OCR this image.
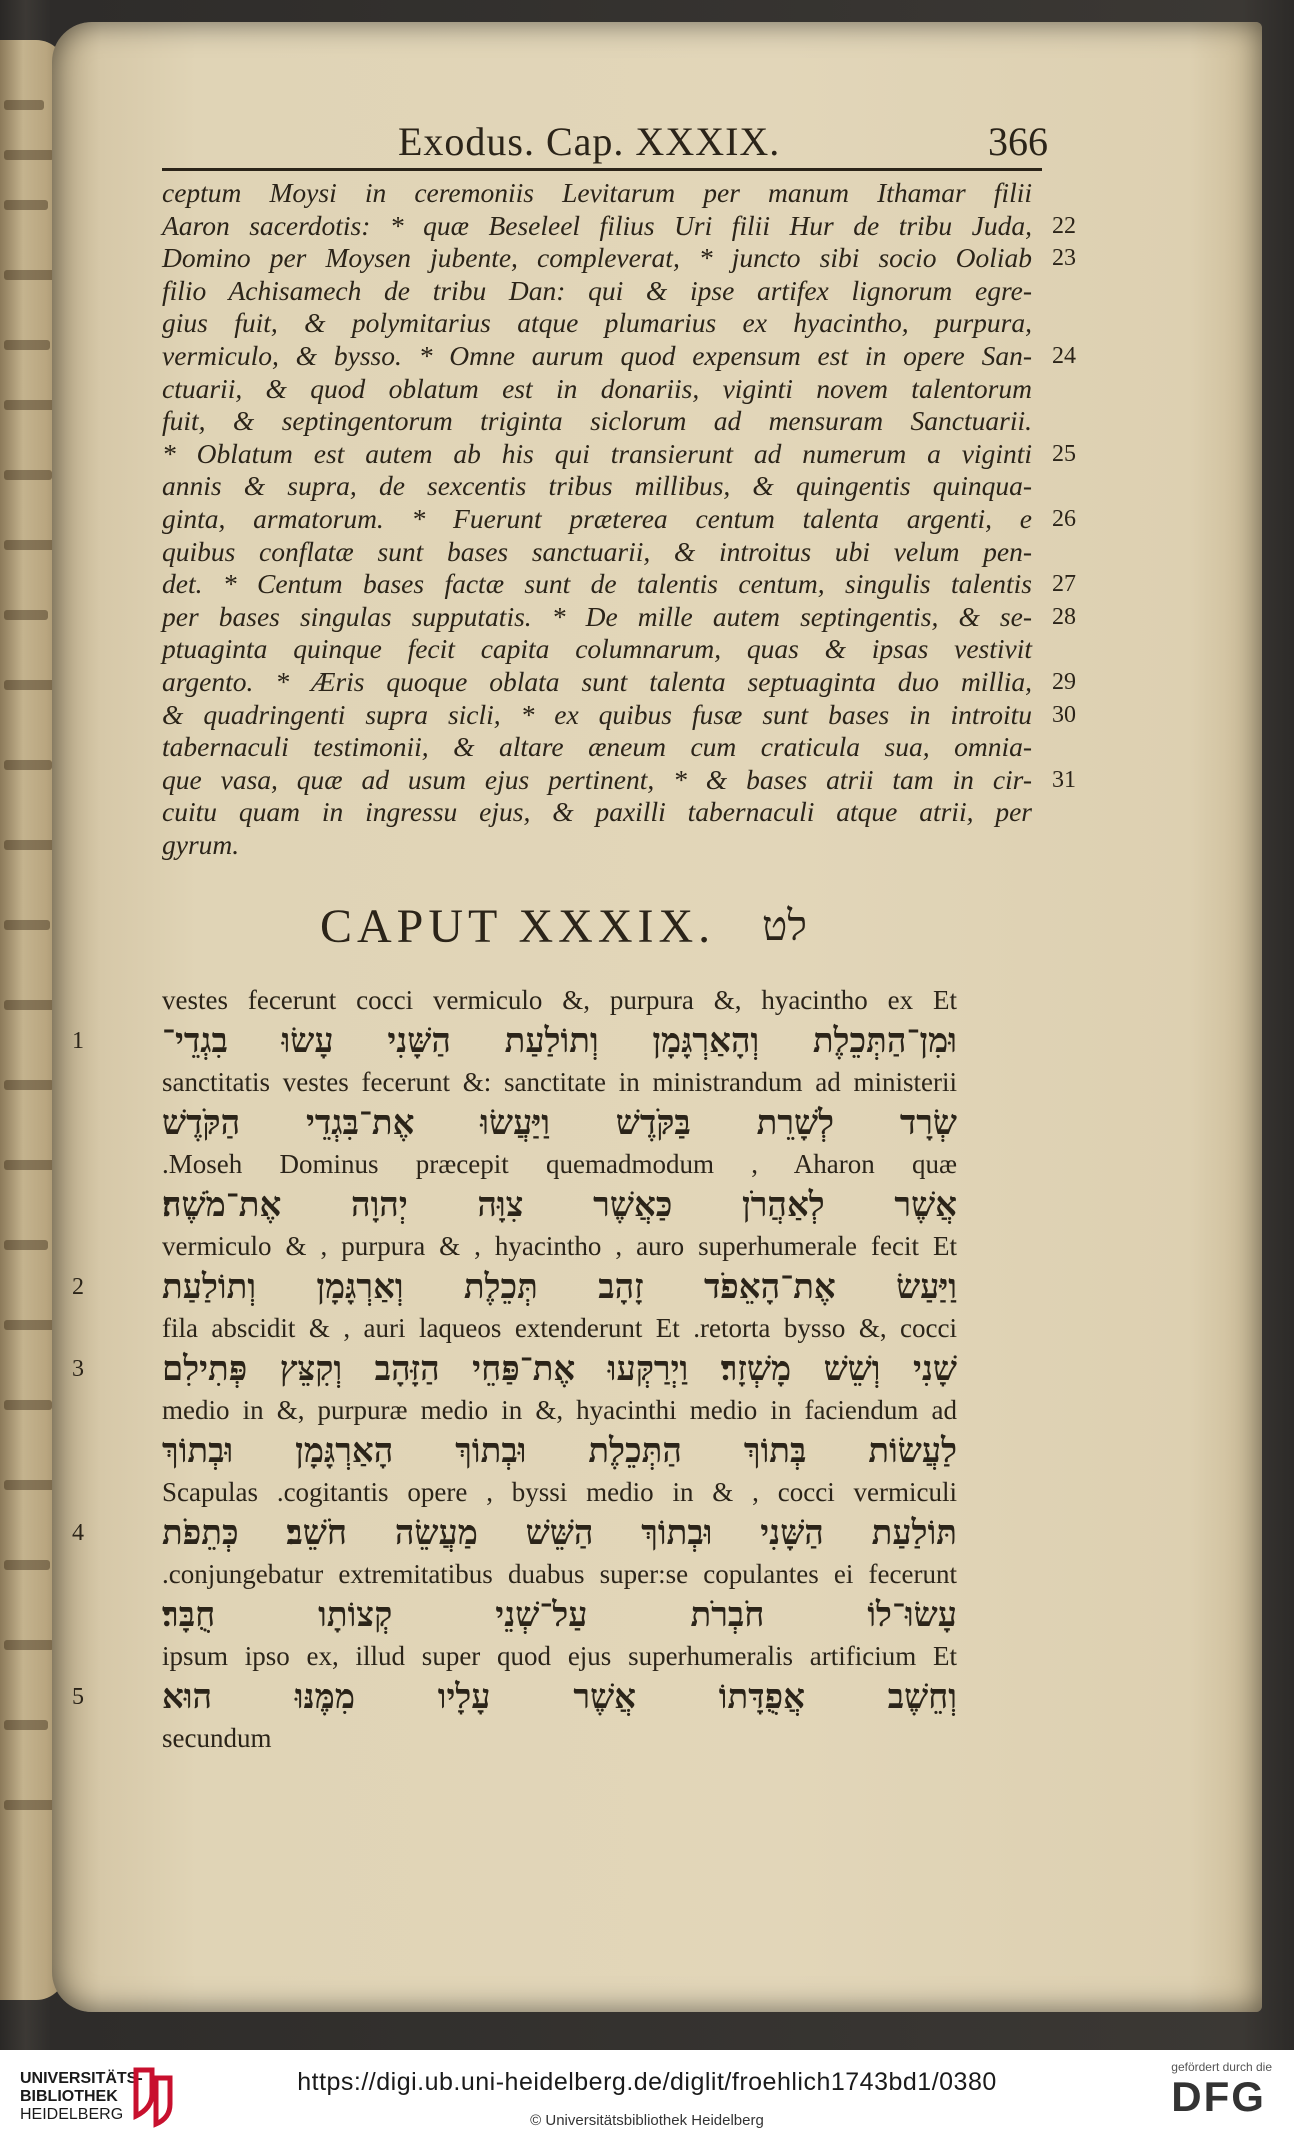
Exodus. Cap. XXXIX.	366
ceptum Moysi in ceremoniis Levitarum per manum Ithamar filii
Aaron sacerdotis: * quæ Beseleel filius Uri filii Hur de tribu Juda, 22
Domino per Moysen jubente, compleverat, * juncto sibi socio Ooliab 23
filio Achisamech de tribu Dan: qui & ipse artifex lignorum egre-
gius fuit, & polymitarius atque plumarius ex hyacintho, purpura,
vermiculo, & bysso. * Omne aurum quod expensum est in opere San- 24
ctuarii, & quod oblatum est in donariis, viginti novem talentorum
fuit, & septingentorum triginta siclorum ad mensuram Sanctuarii.
* Oblatum est autem ab his qui transierunt ad numerum a viginti 25
annis & supra, de sexcentis tribus millibus, & quingentis quinqua-
ginta, armatorum. * Fuerunt præterea centum talenta argenti, e 26
quibus conflatæ sunt bases sanctuarii, & introitus ubi velum pen-
det. * Centum bases factæ sunt de talentis centum, singulis talentis 27
per bases singulas supputatis. * De mille autem septingentis, & se- 28
ptuaginta quinque fecit capita columnarum, quas & ipsas vestivit
argento. * Æris quoque oblata sunt talenta septuaginta duo millia, 29
& quadringenti supra sicli, * ex quibus fusæ sunt bases in introitu 30
tabernaculi testimonii, & altare æneum cum craticula sua, omnia-
que vasa, quæ ad usum ejus pertinent, * & bases atrii tam in cir- 31
cuitu quam in ingressu ejus, & paxilli tabernaculi atque atrii, per
gyrum.
CAPUT XXXIX. לט
vestes fecerunt cocci vermiculo &, purpura &, hyacintho ex Et
וּמִן־הַתְּכֵלֶת וְהָאַרְגָּמָן וְתוֹלַעַת הַשָּׁנִי עָשׂוּ בִגְדֵי־
1
sanctitatis vestes fecerunt &: sanctitate in ministrandum ad ministerii
שְׂרָד לְשָׁרֵת בַּקֹּדֶשׁ וַיַּעֲשׂוּ אֶת־בִּגְדֵי הַקֹּדֶשׁ
.Moseh Dominus præcepit quemadmodum , Aharon quæ
אֲשֶׁר לְאַהֲרֹן כַּאֲשֶׁר צִוָּה יְהוָה אֶת־מֹשֶׁה׃
vermiculo & , purpura & , hyacintho , auro superhumerale fecit Et
וַיַּעַשׂ אֶת־הָאֵפֹד זָהָב תְּכֵלֶת וְאַרְגָּמָן וְתוֹלַעַת
2
fila abscidit & , auri laqueos extenderunt Et .retorta bysso &, cocci
שָׁנִי וְשֵׁשׁ מָשְׁזָר׃ וַיְרַקְּעוּ אֶת־פַּחֵי הַזָּהָב וְקִצֵּץ פְּתִילִם
3
medio in &, purpuræ medio in &, hyacinthi medio in faciendum ad
לַעֲשׂוֹת בְּתוֹךְ הַתְּכֵלֶת וּבְתוֹךְ הָאַרְגָּמָן וּבְתוֹךְ
Scapulas .cogitantis opere , byssi medio in & , cocci vermiculi
תּוֹלַעַת הַשָּׁנִי וּבְתוֹךְ הַשֵּׁשׁ מַעֲשֵׂה חֹשֵׁב׃ כְּתֵפֹת
4
.conjungebatur extremitatibus duabus super:se copulantes ei fecerunt
עָשׂוּ־לוֹ חֹבְרֹת עַל־שְׁנֵי קְצוֹתָו חֻבָּר׃
ipsum ipso ex, illud super quod ejus superhumeralis artificium Et
וְחֵשֶׁב אֲפֻדָּתוֹ אֲשֶׁר עָלָיו מִמֶּנּוּ הוּא
5
secundum
UNIVERSITÄTS-
BIBLIOTHEK
HEIDELBERG
https://digi.ub.uni-heidelberg.de/diglit/froehlich1743bd1/0380
© Universitätsbibliothek Heidelberg
gefördert durch die
DFG
